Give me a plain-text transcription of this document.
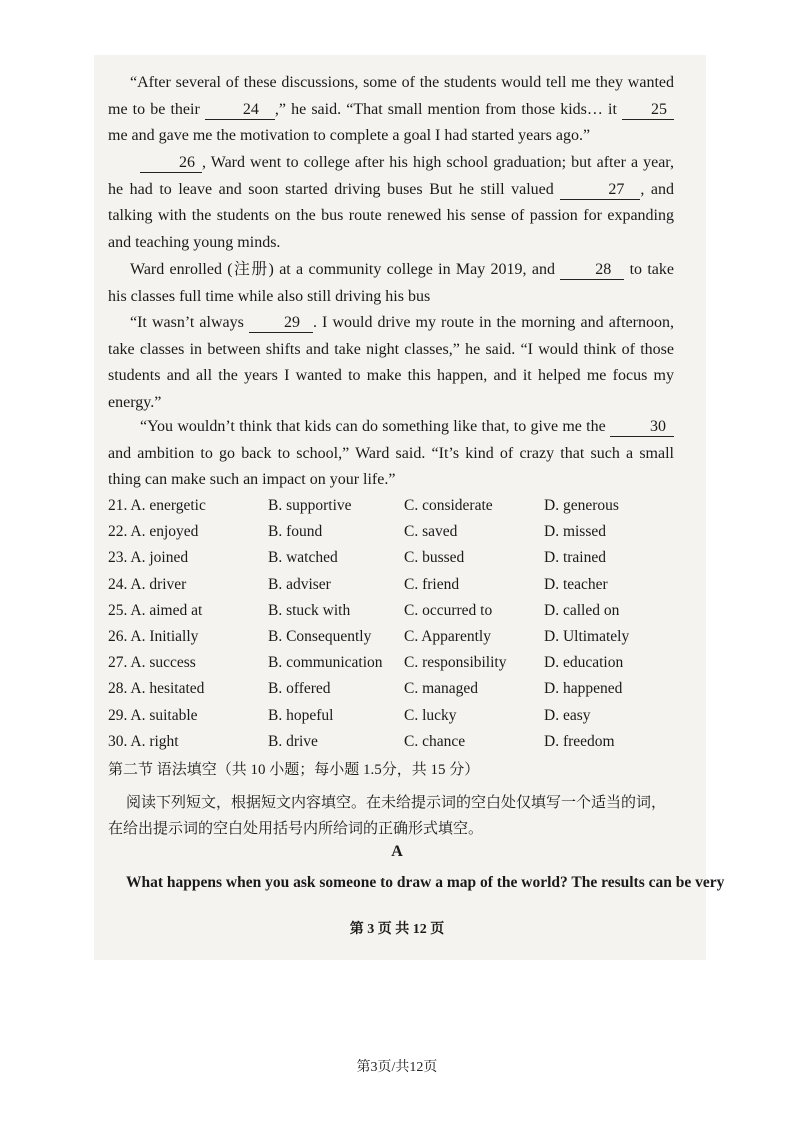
“After several of these discussions, some of the students would tell me they wanted me to be their 24 ,” he said. “That small mention from those kids… it 25 me and gave me the motivation to complete a goal I had started years ago.”

26 , Ward went to college after his high school graduation; but after a year, he had to leave and soon started driving buses But he still valued	27 , and talking with the students on the bus route renewed his sense of passion for expanding and teaching young minds.

Ward enrolled (注册) at a community college in May 2019, and 28 to take his classes full time while also still driving his bus

“It wasn’t always 29 . I would drive my route in the morning and afternoon, take classes in between shifts and take night classes,” he said. “I would think of those students and all the years I wanted to make this happen, and it helped me focus my energy.”

“You wouldn’t think that kids can do something like that, to give me the	30 and ambition to go back to school,” Ward said. “It’s kind of crazy that such a small thing can make such an impact on your life.”

21. A. energetic	B. supportive	C. considerate	D. generous
22. A. enjoyed	B. found	C. saved	D. missed
23. A. joined	B. watched	C. bussed	D. trained
24. A. driver	B. adviser	C. friend	D. teacher
25. A. aimed at	B. stuck with	C. occurred to	D. called on
26. A. Initially	B. Consequently C. Apparently	D. Ultimately
27. A. success	B. communication C. responsibility D. education
28. A. hesitated	B. offered	C. managed	D. happened
29. A. suitable	B. hopeful	C. lucky	D. easy
30. A. right	B. drive	C. chance	D. freedom
第二节 语法填空（共 10 小题；每小题 1.5分，共 15 分）
阅读下列短文，根据短文内容填空。在未给提示词的空白处仅填写一个适当的词，在给出提示词的空白处用括号内所给词的正确形式填空。
A
What happens when you ask someone to draw a map of the world? The results can be very
第 3 页 共 12 页
第3页/共12页
